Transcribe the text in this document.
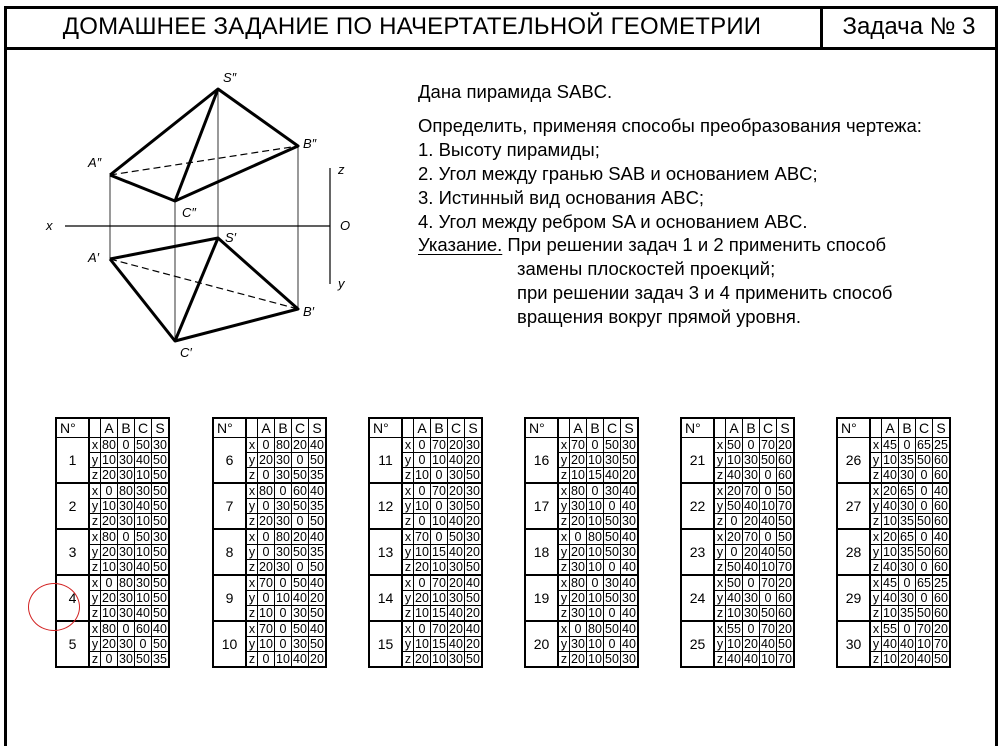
ДОМАШНЕЕ ЗАДАНИЕ ПО НАЧЕРТАТЕЛЬНОЙ ГЕОМЕТРИИ	Задача № 3
S″
A″
B″
C″
S′
A′
B′
C′
x
z
O
y
Дана пирамида SABC.
Определить, применяя способы преобразования чертежа:
1. Высоту пирамиды;
2. Угол между гранью SAB и основанием ABC;
3. Истинный вид основания ABC;
4. Угол между ребром SA и основанием ABC.
Указание. При решении задач 1 и 2 применить способ
замены плоскостей проекций;
при решении задач 3 и 4 применить способ
вращения вокруг прямой уровня.
N°		A	B	C	S
1	x	80	0	50	30
	y	10	30	40	50
	z	20	30	10	50
2	x	0	80	30	50
	y	10	30	40	50
	z	20	30	10	50
3	x	80	0	50	30
	y	20	30	10	50
	z	10	30	40	50
4	x	0	80	30	50
	y	20	30	10	50
	z	10	30	40	50
5	x	80	0	60	40
	y	20	30	0	50
	z	0	30	50	35
N°		A	B	C	S
6	x	0	80	20	40
	y	20	30	0	50
	z	0	30	50	35
7	x	80	0	60	40
	y	0	30	50	35
	z	20	30	0	50
8	x	0	80	20	40
	y	0	30	50	35
	z	20	30	0	50
9	x	70	0	50	40
	y	0	10	40	20
	z	10	0	30	50
10	x	70	0	50	40
	y	10	0	30	50
	z	0	10	40	20
N°		A	B	C	S
11	x	0	70	20	30
	y	0	10	40	20
	z	10	0	30	50
12	x	0	70	20	30
	y	10	0	30	50
	z	0	10	40	20
13	x	70	0	50	30
	y	10	15	40	20
	z	20	10	30	50
14	x	0	70	20	40
	y	20	10	30	50
	z	10	15	40	20
15	x	0	70	20	40
	y	10	15	40	20
	z	20	10	30	50
N°		A	B	C	S
16	x	70	0	50	30
	y	20	10	30	50
	z	10	15	40	20
17	x	80	0	30	40
	y	30	10	0	40
	z	20	10	50	30
18	x	0	80	50	40
	y	20	10	50	30
	z	30	10	0	40
19	x	80	0	30	40
	y	20	10	50	30
	z	30	10	0	40
20	x	0	80	50	40
	y	30	10	0	40
	z	20	10	50	30
N°		A	B	C	S
21	x	50	0	70	20
	y	10	30	50	60
	z	40	30	0	60
22	x	20	70	0	50
	y	50	40	10	70
	z	0	20	40	50
23	x	20	70	0	50
	y	0	20	40	50
	z	50	40	10	70
24	x	50	0	70	20
	y	40	30	0	60
	z	10	30	50	60
25	x	55	0	70	20
	y	10	20	40	50
	z	40	40	10	70
N°		A	B	C	S
26	x	45	0	65	25
	y	10	35	50	60
	z	40	30	0	60
27	x	20	65	0	40
	y	40	30	0	60
	z	10	35	50	60
28	x	20	65	0	40
	y	10	35	50	60
	z	40	30	0	60
29	x	45	0	65	25
	y	40	30	0	60
	z	10	35	50	60
30	x	55	0	70	20
	y	40	40	10	70
	z	10	20	40	50
